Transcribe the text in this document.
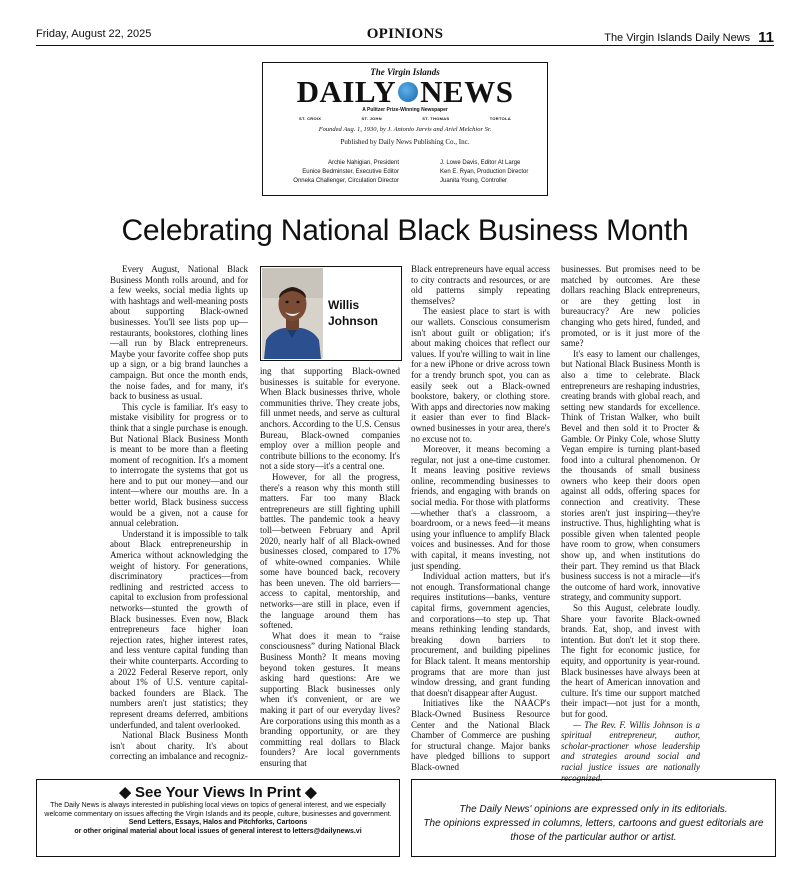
Friday, August 22, 2025	OPINIONS	The Virgin Islands Daily News 11
The Virgin Islands
DAILY NEWS
A Pulitzer Prize-Winning Newspaper
ST. CROIX	ST. JOHN	ST. THOMAS	TORTOLA
Founded Aug. 1, 1930, by J. Antonio Jarvis and Ariel Melchior Sr.
Published by Daily News Publishing Co., Inc.
Archie Nahigian, President
Eunice Bedminster, Executive Editor
Onneka Challenger, Circulation Director
J. Lowe Davis, Editor At Large
Ken E. Ryan, Production Director
Juanita Young, Controller
Celebrating National Black Business Month

Every August, National Black Business Month rolls around, and for a few weeks, social media lights up with hashtags and well-meaning posts about supporting Black-owned businesses. You'll see lists pop up—restaurants, bookstores, clothing lines—all run by Black entrepreneurs. Maybe your favorite coffee shop puts up a sign, or a big brand launches a campaign. But once the month ends, the noise fades, and for many, it's back to business as usual.

This cycle is familiar. It's easy to mistake visibility for progress or to think that a single purchase is enough. But National Black Business Month is meant to be more than a fleeting moment of recognition. It's a moment to interrogate the systems that got us here and to put our money—and our intent—where our mouths are. In a better world, Black business success would be a given, not a cause for annual celebration.

Understand it is impossible to talk about Black entrepreneurship in America without acknowledging the weight of history. For generations, discriminatory practices—from redlining and restricted access to capital to exclusion from professional networks—stunted the growth of Black businesses. Even now, Black entrepreneurs face higher loan rejection rates, higher interest rates, and less venture capital funding than their white counterparts. According to a 2022 Federal Reserve report, only about 1% of U.S. venture capital-backed founders are Black. The numbers aren't just statistics; they represent dreams deferred, ambitions underfunded, and talent overlooked.

National Black Business Month isn't about charity. It's about correcting an imbalance and recogniz-

Willis
Johnson

ing that supporting Black-owned businesses is suitable for everyone. When Black businesses thrive, whole communities thrive. They create jobs, fill unmet needs, and serve as cultural anchors. According to the U.S. Census Bureau, Black-owned companies employ over a million people and contribute billions to the economy. It's not a side story—it's a central one.

However, for all the progress, there's a reason why this month still matters. Far too many Black entrepreneurs are still fighting uphill battles. The pandemic took a heavy toll—between February and April 2020, nearly half of all Black-owned businesses closed, compared to 17% of white-owned companies. While some have bounced back, recovery has been uneven. The old barriers—access to capital, mentorship, and networks—are still in place, even if the language around them has softened.

What does it mean to “raise consciousness” during National Black Business Month? It means moving beyond token gestures. It means asking hard questions: Are we supporting Black businesses only when it's convenient, or are we making it part of our everyday lives? Are corporations using this month as a branding opportunity, or are they committing real dollars to Black founders? Are local governments ensuring that

Black entrepreneurs have equal access to city contracts and resources, or are old patterns simply repeating themselves?

The easiest place to start is with our wallets. Conscious consumerism isn't about guilt or obligation; it's about making choices that reflect our values. If you're willing to wait in line for a new iPhone or drive across town for a trendy brunch spot, you can as easily seek out a Black-owned bookstore, bakery, or clothing store. With apps and directories now making it easier than ever to find Black-owned businesses in your area, there's no excuse not to.

Moreover, it means becoming a regular, not just a one-time customer. It means leaving positive reviews online, recommending businesses to friends, and engaging with brands on social media. For those with platforms—whether that's a classroom, a boardroom, or a news feed—it means using your influence to amplify Black voices and businesses. And for those with capital, it means investing, not just spending.

Individual action matters, but it's not enough. Transformational change requires institutions—banks, venture capital firms, government agencies, and corporations—to step up. That means rethinking lending standards, breaking down barriers to procurement, and building pipelines for Black talent. It means mentorship programs that are more than just window dressing, and grant funding that doesn't disappear after August.

Initiatives like the NAACP's Black-Owned Business Resource Center and the National Black Chamber of Commerce are pushing for structural change. Major banks have pledged billions to support Black-owned

businesses. But promises need to be matched by outcomes. Are these dollars reaching Black entrepreneurs, or are they getting lost in bureaucracy? Are new policies changing who gets hired, funded, and promoted, or is it just more of the same?

It's easy to lament our challenges, but National Black Business Month is also a time to celebrate. Black entrepreneurs are reshaping industries, creating brands with global reach, and setting new standards for excellence. Think of Tristan Walker, who built Bevel and then sold it to Procter & Gamble. Or Pinky Cole, whose Slutty Vegan empire is turning plant-based food into a cultural phenomenon. Or the thousands of small business owners who keep their doors open against all odds, offering spaces for connection and creativity. These stories aren't just inspiring—they're instructive. Thus, highlighting what is possible given when talented people have room to grow, when consumers show up, and when institutions do their part. They remind us that Black business success is not a miracle—it's the outcome of hard work, innovative strategy, and community support.

So this August, celebrate loudly. Share your favorite Black-owned brands. Eat, shop, and invest with intention. But don't let it stop there. The fight for economic justice, for equity, and opportunity is year-round. Black businesses have always been at the heart of American innovation and culture. It's time our support matched their impact—not just for a month, but for good.

— The Rev. F. Willis Johnson is a spiritual entrepreneur, author, scholar-practioner whose leadership and strategies around social and racial justice issues are nationally recognized.

◆ See Your Views In Print ◆
The Daily News is always interested in publishing local views on topics of general interest, and we especially welcome commentary on issues affecting the Virgin Islands and its people, culture, businesses and government.
Send Letters, Essays, Halos and Pitchforks, Cartoons
or other original material about local issues of general interest to letters@dailynews.vi
The Daily News' opinions are expressed only in its editorials.
The opinions expressed in columns, letters, cartoons and guest editorials are those of the particular author or artist.
